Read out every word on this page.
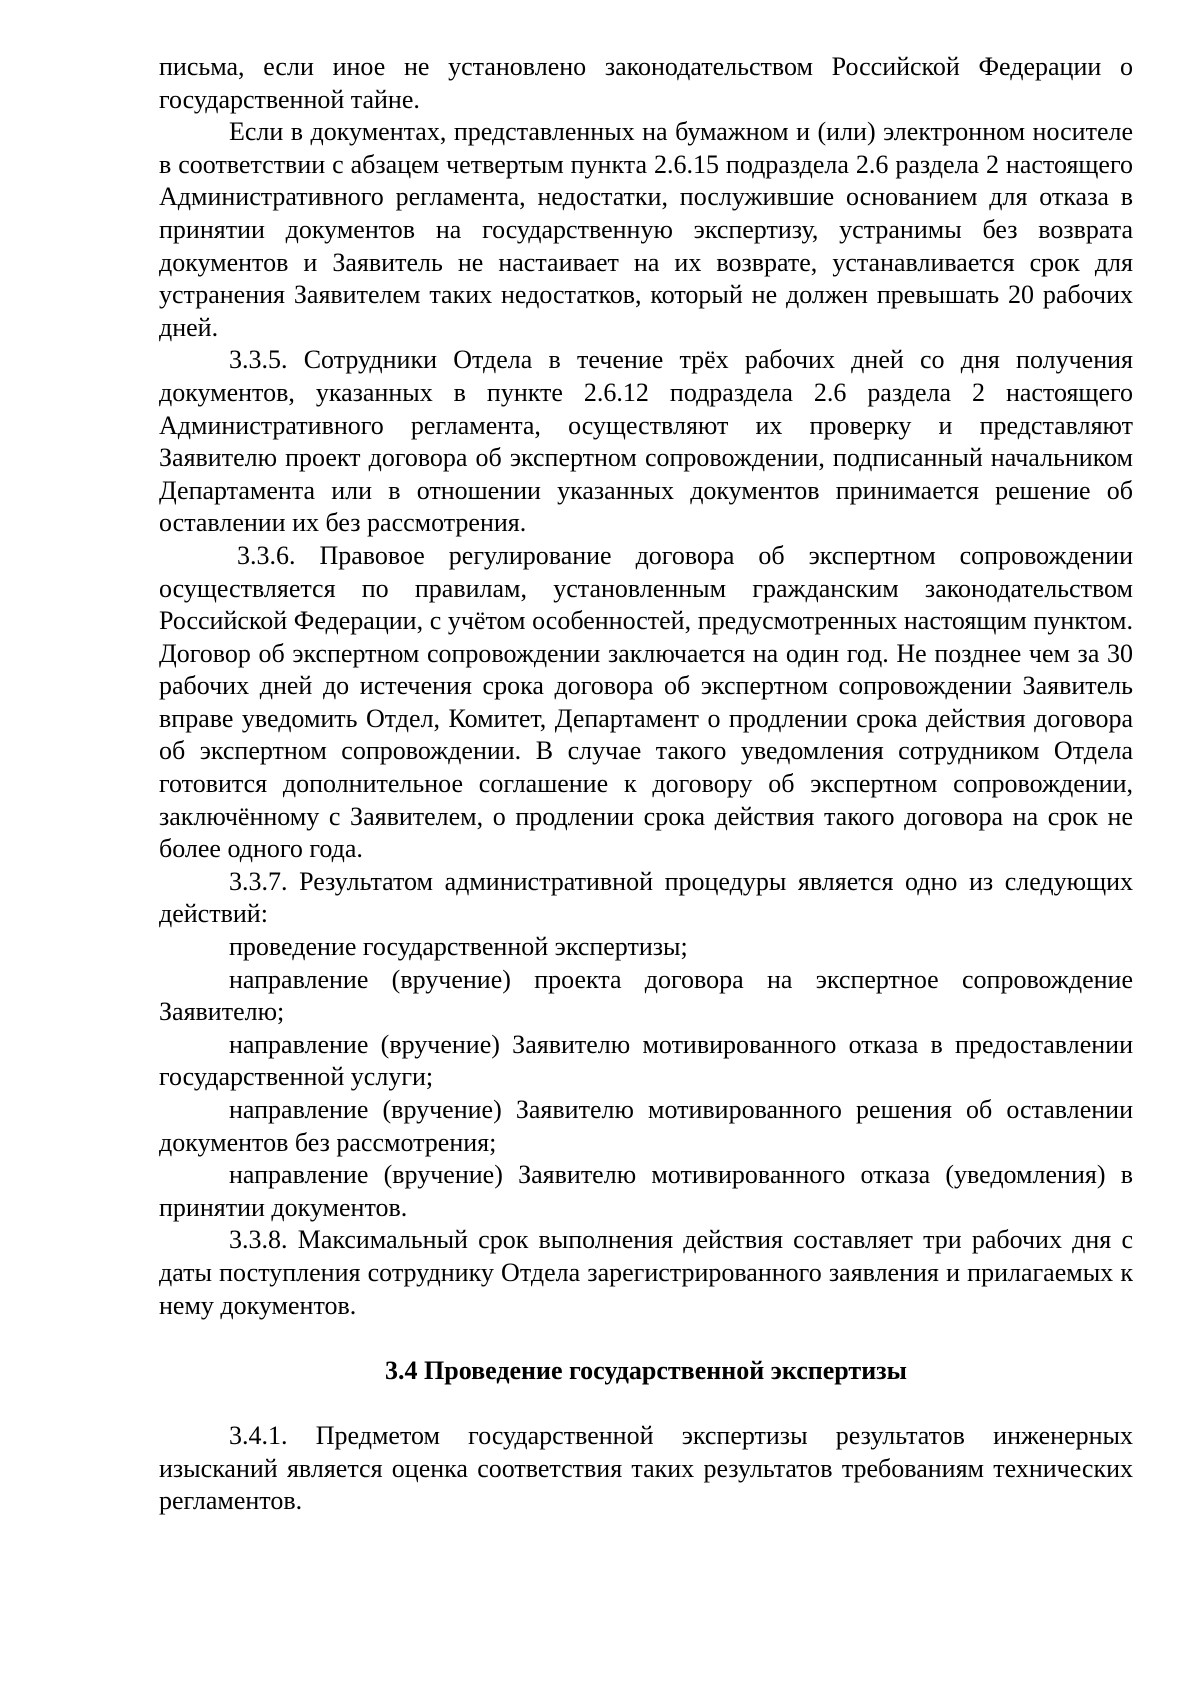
письма, если иное не установлено законодательством Российской Федерации о государственной тайне.

Если в документах, представленных на бумажном и (или) электронном носителе в соответствии с абзацем четвертым пункта 2.6.15 подраздела 2.6 раздела 2 настоящего Административного регламента, недостатки, послужившие основанием для отказа в принятии документов на государственную экспертизу, устранимы без возврата документов и Заявитель не настаивает на их возврате, устанавливается срок для устранения Заявителем таких недостатков, который не должен превышать 20 рабочих дней.

3.3.5. Сотрудники Отдела в течение трёх рабочих дней со дня получения документов, указанных в пункте 2.6.12 подраздела 2.6 раздела 2 настоящего Административного регламента, осуществляют их проверку и представляют Заявителю проект договора об экспертном сопровождении, подписанный начальником Департамента или в отношении указанных документов принимается решение об оставлении их без рассмотрения.

3.3.6. Правовое регулирование договора об экспертном сопровождении осуществляется по правилам, установленным гражданским законодательством Российской Федерации, с учётом особенностей, предусмотренных настоящим пунктом. Договор об экспертном сопровождении заключается на один год. Не позднее чем за 30 рабочих дней до истечения срока договора об экспертном сопровождении Заявитель вправе уведомить Отдел, Комитет, Департамент о продлении срока действия договора об экспертном сопровождении. В случае такого уведомления сотрудником Отдела готовится дополнительное соглашение к договору об экспертном сопровождении, заключённому с Заявителем, о продлении срока действия такого договора на срок не более одного года.

3.3.7. Результатом административной процедуры является одно из следующих действий:

проведение государственной экспертизы;

направление (вручение) проекта договора на экспертное сопровождение Заявителю;

направление (вручение) Заявителю мотивированного отказа в предоставлении государственной услуги;

направление (вручение) Заявителю мотивированного решения об оставлении документов без рассмотрения;

направление (вручение) Заявителю мотивированного отказа (уведомления) в принятии документов.

3.3.8. Максимальный срок выполнения действия составляет три рабочих дня с даты поступления сотруднику Отдела зарегистрированного заявления и прилагаемых к нему документов.

3.4 Проведение государственной экспертизы

3.4.1. Предметом государственной экспертизы результатов инженерных изысканий является оценка соответствия таких результатов требованиям технических регламентов.
